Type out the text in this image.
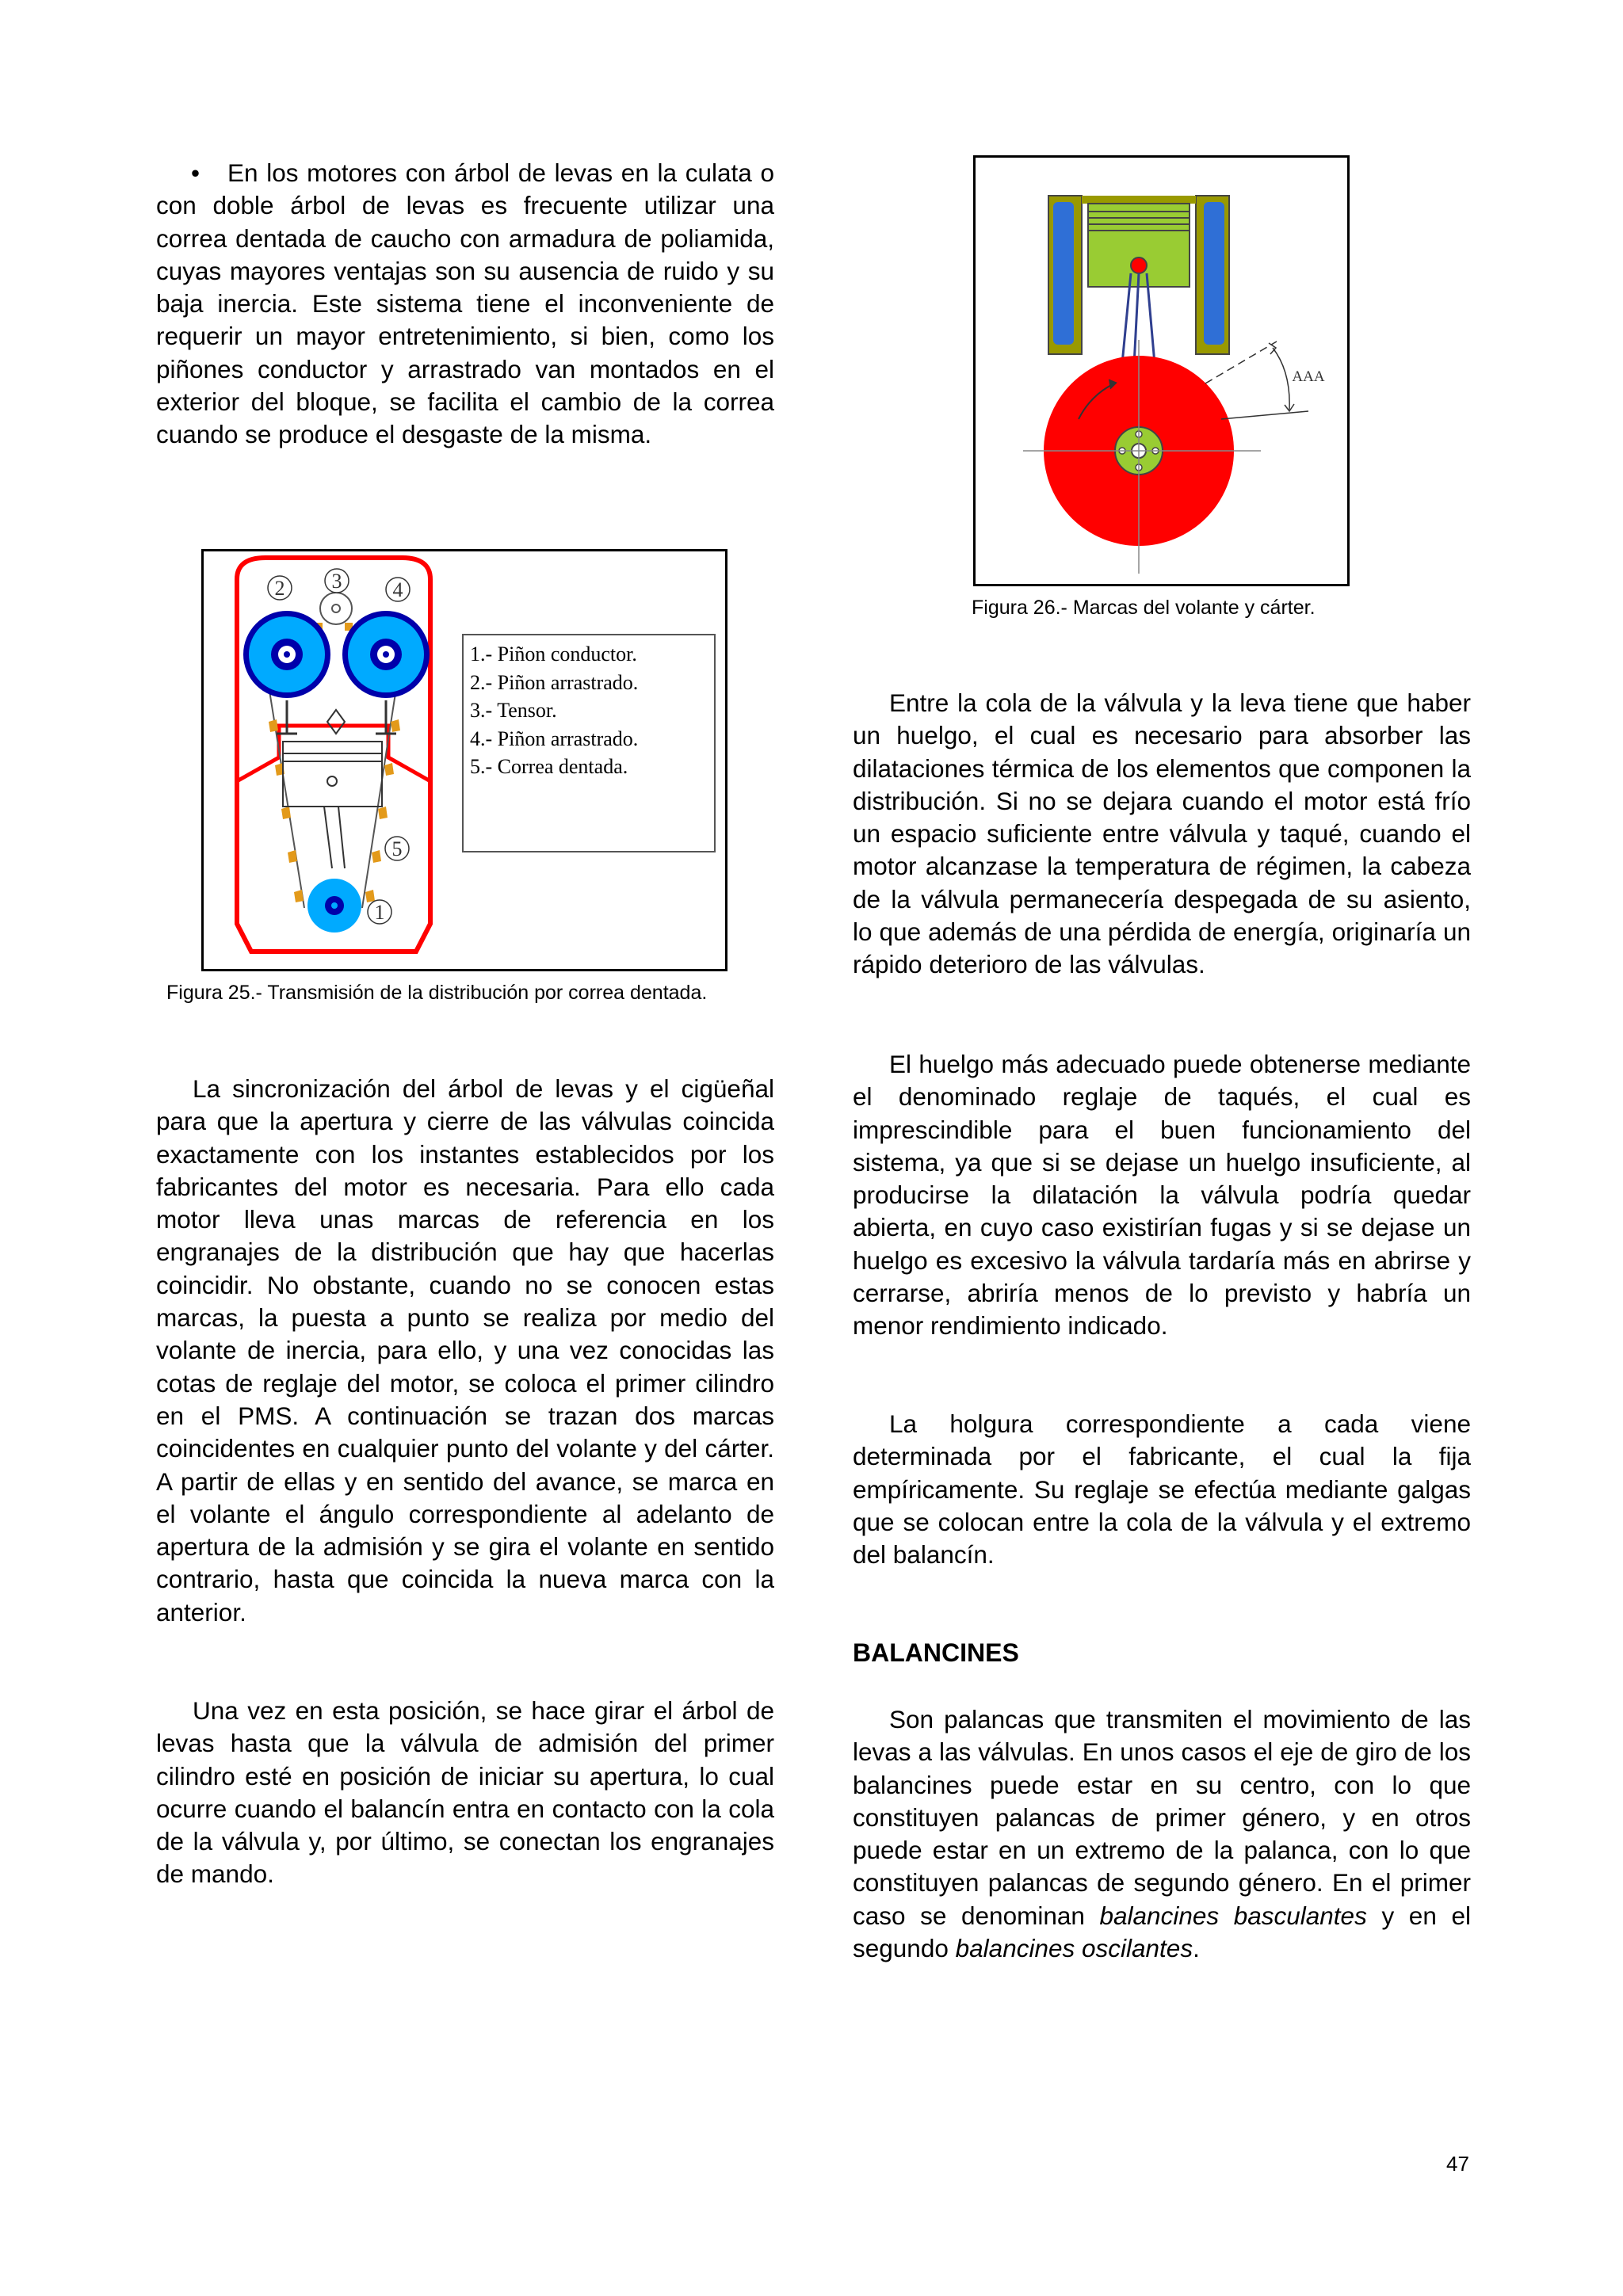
• En los motores con árbol de levas en la culata o con doble árbol de levas es frecuente utilizar una correa dentada de caucho con armadura de poliamida, cuyas mayores ventajas son su ausencia de ruido y su baja inercia. Este sistema tiene el inconveniente de requerir un mayor entretenimiento, si bien, como los piñones conductor y arrastrado van montados en el exterior del bloque, se facilita el cambio de la correa cuando se produce el desgaste de la misma.

2 3 4
5
1
1.- Piñon conductor.
2.- Piñon arrastrado.
3.- Tensor.
4.- Piñon arrastrado.
5.- Correa dentada.

Figura 25.- Transmisión de la distribución por correa dentada.

La sincronización del árbol de levas y el cigüeñal para que la apertura y cierre de las válvulas coincida exactamente con los instantes establecidos por los fabricantes del motor es necesaria. Para ello cada motor lleva unas marcas de referencia en los engranajes de la distribución que hay que hacerlas coincidir. No obstante, cuando no se conocen estas marcas, la puesta a punto se realiza por medio del volante de inercia, para ello, y una vez conocidas las cotas de reglaje del motor, se coloca el primer cilindro en el PMS. A continuación se trazan dos marcas coincidentes en cualquier punto del volante y del cárter. A partir de ellas y en sentido del avance, se marca en el volante el ángulo correspondiente al adelanto de apertura de la admisión y se gira el volante en sentido contrario, hasta que coincida la nueva marca con la anterior.

Una vez en esta posición, se hace girar el árbol de levas hasta que la válvula de admisión del primer cilindro esté en posición de iniciar su apertura, lo cual ocurre cuando el balancín entra en contacto con la cola de la válvula y, por último, se conectan los engranajes de mando.

AAA

Figura 26.- Marcas del volante y cárter.

Entre la cola de la válvula y la leva tiene que haber un huelgo, el cual es necesario para absorber las dilataciones térmica de los elementos que componen la distribución. Si no se dejara cuando el motor está frío un espacio suficiente entre válvula y taqué, cuando el motor alcanzase la temperatura de régimen, la cabeza de la válvula permanecería despegada de su asiento, lo que además de una pérdida de energía, originaría un rápido deterioro de las válvulas.

El huelgo más adecuado puede obtenerse mediante el denominado reglaje de taqués, el cual es imprescindible para el buen funcionamiento del sistema, ya que si se dejase un huelgo insuficiente, al producirse la dilatación la válvula podría quedar abierta, en cuyo caso existirían fugas y si se dejase un huelgo es excesivo la válvula tardaría más en abrirse y cerrarse, abriría menos de lo previsto y habría un menor rendimiento indicado.

La holgura correspondiente a cada viene determinada por el fabricante, el cual la fija empíricamente. Su reglaje se efectúa mediante galgas que se colocan entre la cola de la válvula y el extremo del balancín.

BALANCINES

Son palancas que transmiten el movimiento de las levas a las válvulas. En unos casos el eje de giro de los balancines puede estar en su centro, con lo que constituyen palancas de primer género, y en otros puede estar en un extremo de la palanca, con lo que constituyen palancas de segundo género. En el primer caso se denominan balancines basculantes y en el segundo balancines oscilantes.

47
